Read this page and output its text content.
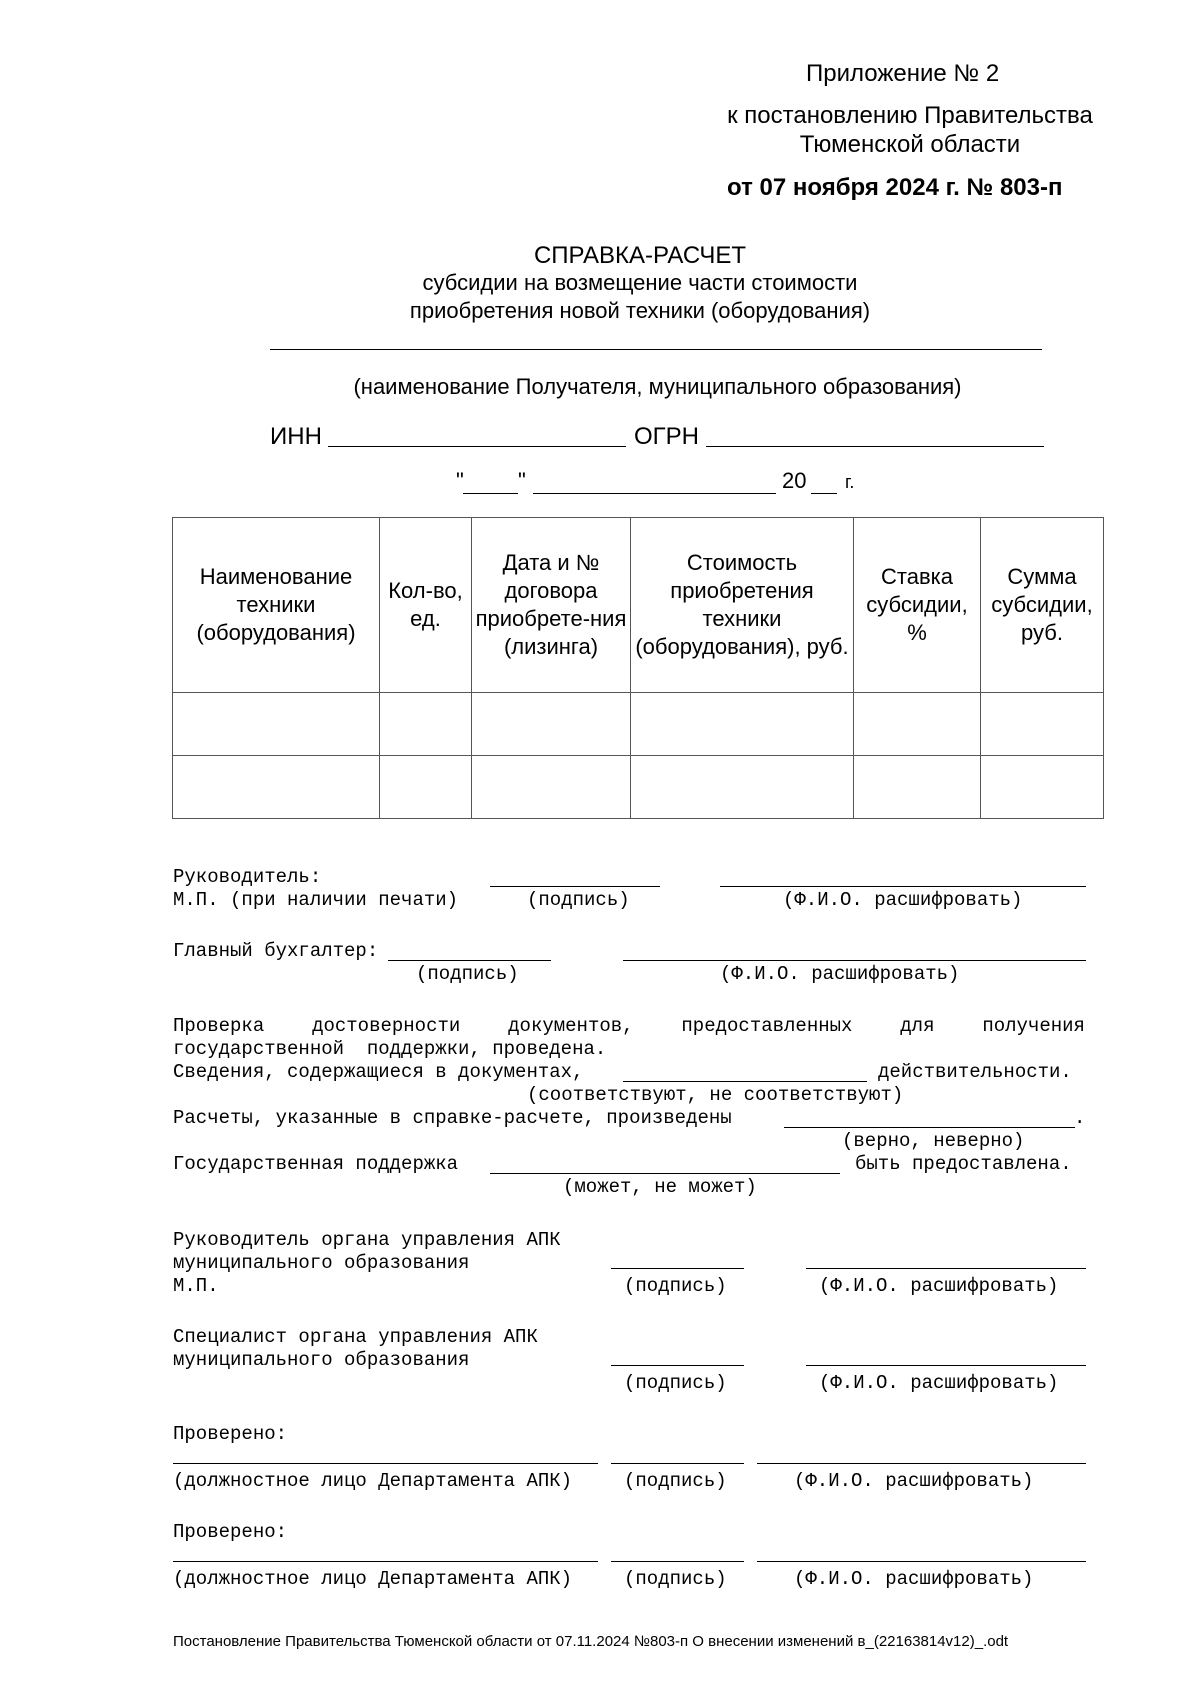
Приложение № 2
к постановлению Правительства
Тюменской области
от 07 ноября 2024 г. № 803-п
СПРАВКА-РАСЧЕТ
субсидии на возмещение части стоимости
приобретения новой техники (оборудования)
(наименование Получателя, муниципального образования)
ИНН	ОГРН
" "	20 г.
Наименование техники (оборудования)	Кол-во, ед.	Дата и № договора приобрете-ния (лизинга)	Стоимость приобретения техники (оборудования), руб.	Ставка субсидии, %	Сумма субсидии, руб.

Руководитель:
М.П. (при наличии печати)	(подпись)	(Ф.И.О. расшифровать)
Главный бухгалтер:
(подпись)	(Ф.И.О. расшифровать)
Проверка	достоверности	документов,	предоставленных	для	получения
государственной  поддержки, проведена.
Сведения, содержащиеся в документах,	действительности.
(соответствуют, не соответствуют)
Расчеты, указанные в справке-расчете, произведены	.
(верно, неверно)
Государственная поддержка	быть предоставлена.
(может, не может)
Руководитель органа управления АПК
муниципального образования
М.П.	(подпись)	(Ф.И.О. расшифровать)
Специалист органа управления АПК
муниципального образования
(подпись)	(Ф.И.О. расшифровать)
Проверено:
(должностное лицо Департамента АПК)	(подпись)	(Ф.И.О. расшифровать)
Проверено:
(должностное лицо Департамента АПК)	(подпись)	(Ф.И.О. расшифровать)
Постановление Правительства Тюменской области от 07.11.2024 №803-п О внесении изменений в_(22163814v12)_.odt
